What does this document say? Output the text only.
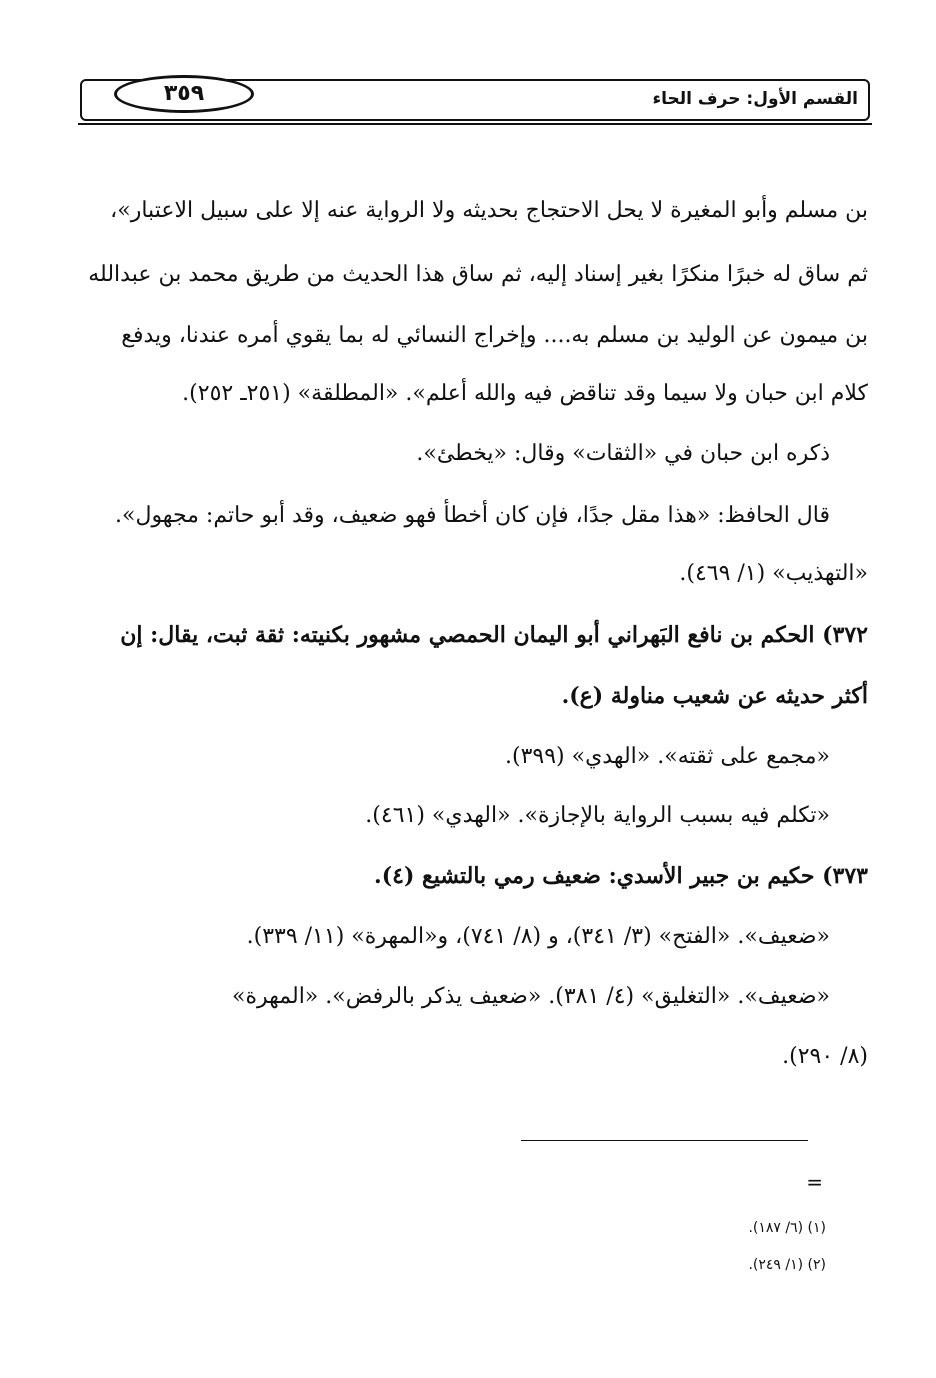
القسم الأول: حرف الحاء
٣٥٩
بن مسلم وأبو المغيرة لا يحل الاحتجاج بحديثه ولا الرواية عنه إلا على سبيل الاعتبار»،
ثم ساق له خبرًا منكرًا بغير إسناد إليه، ثم ساق هذا الحديث من طريق محمد بن عبدالله
بن ميمون عن الوليد بن مسلم به.... وإخراج النسائي له بما يقوي أمره عندنا، ويدفع
كلام ابن حبان ولا سيما وقد تناقض فيه والله أعلم». «المطلقة» (٢٥١ـ ٢٥٢).
ذكره ابن حبان في «الثقات» وقال: «يخطئ».
قال الحافظ: «هذا مقل جدًا، فإن كان أخطأ فهو ضعيف، وقد أبو حاتم: مجهول».
«التهذيب» (١/ ٤٦٩).
٣٧٢) الحكم بن نافع البَهراني أبو اليمان الحمصي مشهور بكنيته: ثقة ثبت، يقال: إن
أكثر حديثه عن شعيب مناولة (ع).
«مجمع على ثقته». «الهدي» (٣٩٩).
«تكلم فيه بسبب الرواية بالإجازة». «الهدي» (٤٦١).
٣٧٣) حكيم بن جبير الأسدي: ضعيف رمي بالتشيع (٤).
«ضعيف». «الفتح» (٣/ ٣٤١)، و (٨/ ٧٤١)، و«المهرة» (١١/ ٣٣٩).
«ضعيف». «التغليق» (٤/ ٣٨١). «ضعيف يذكر بالرفض». «المهرة»
(٨/ ٢٩٠).
=
(١) (٦/ ١٨٧).
(٢) (١/ ٢٤٩).
